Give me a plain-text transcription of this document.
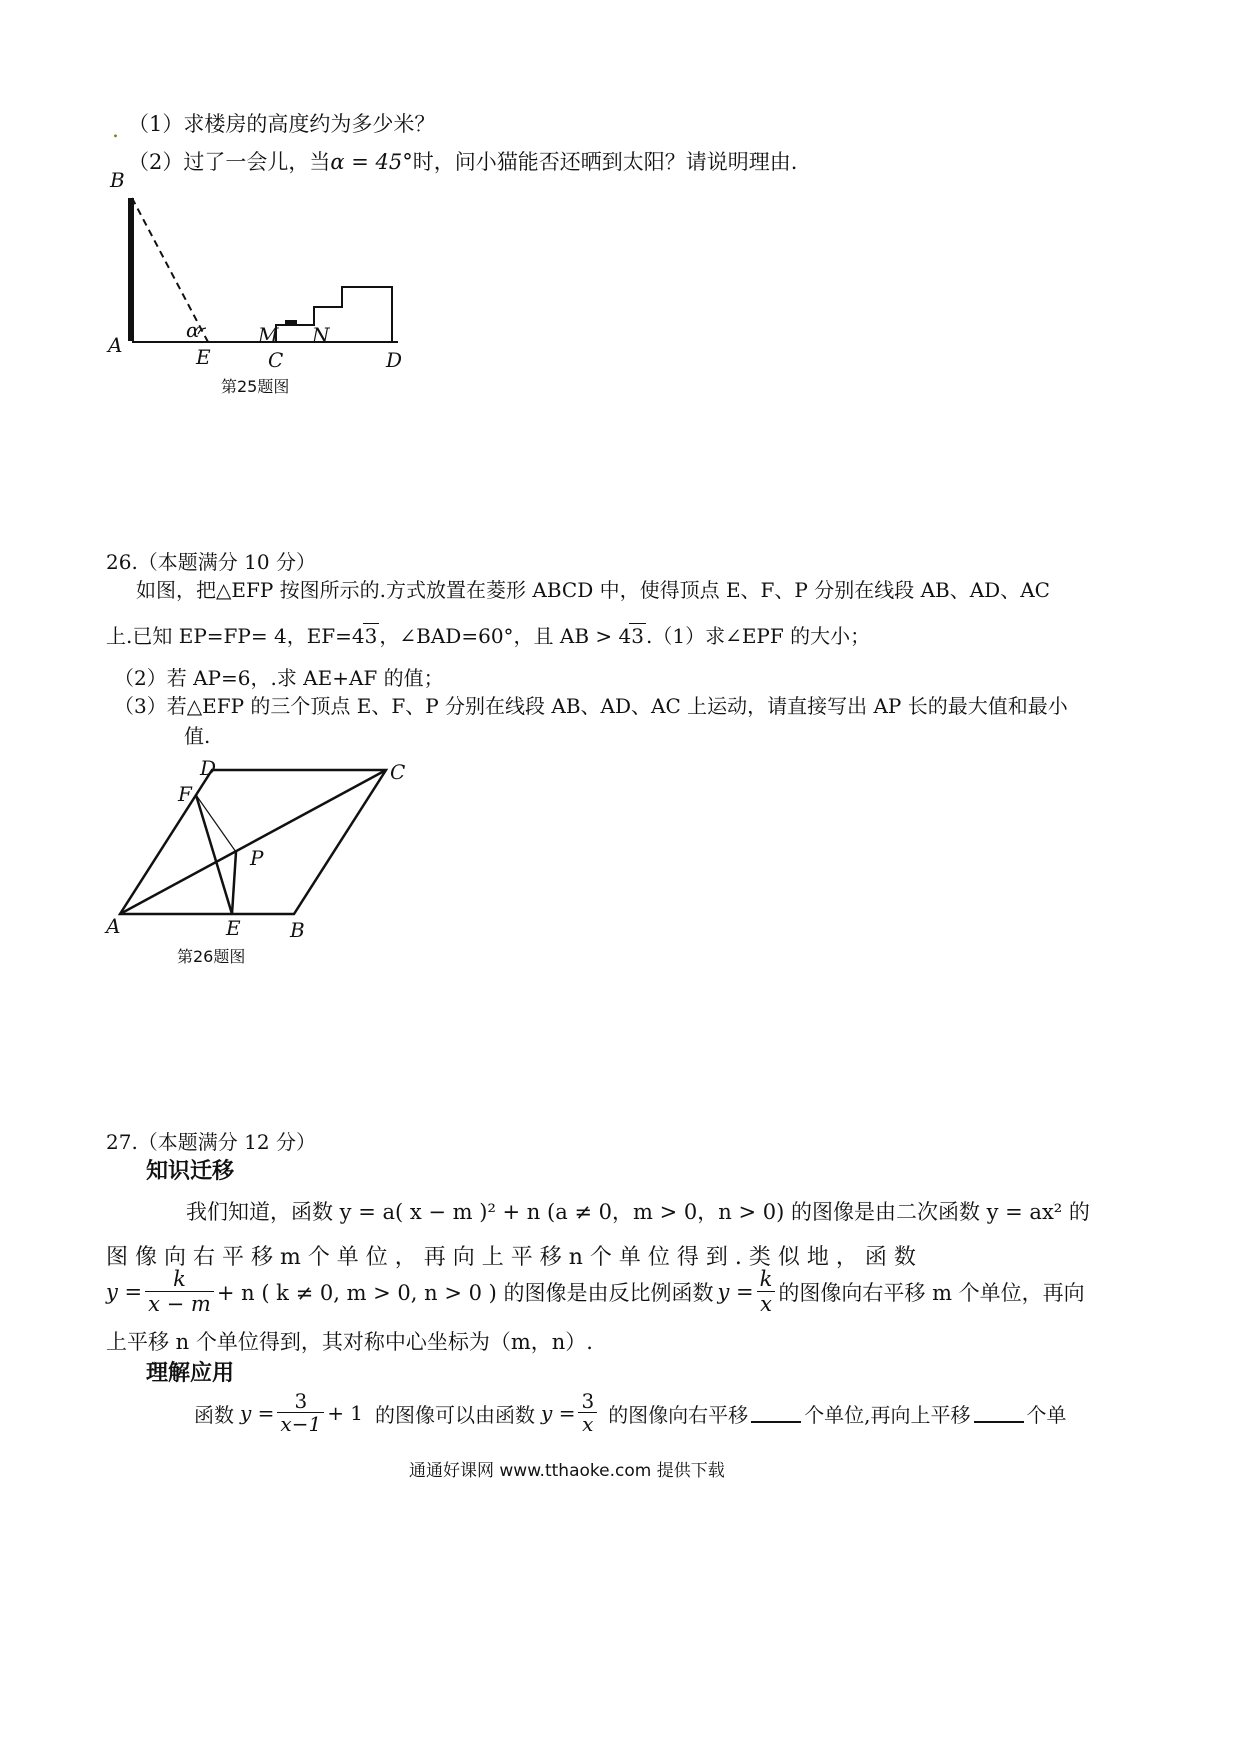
. （1）求楼房的高度约为多少米？
（2）过了一会儿，当α = 45°时，问小猫能否还晒到太阳？请说明理由.
B
A	E
α	M N
C	D
第25题图
26.（本题满分 10 分）
如图，把△EFP 按图所示的.方式放置在菱形 ABCD 中，使得顶点 E、F、P 分别在线段 AB、AD、AC
上.已知 EP=FP= 4，EF=43 ，∠BAD=60°，且 AB > 43 .（1）求∠EPF 的大小；
（2）若 AP=6，.求 AE+AF 的值；
（3）若△EFP 的三个顶点 E、F、P 分别在线段 AB、AD、AC 上运动，请直接写出 AP 长的最大值和最小
值.
D	C
F
P
A	E B
第26题图
27.（本题满分 12 分）
知识迁移
我们知道，函数 y = a( x − m )² + n (a ≠ 0，m > 0，n > 0) 的图像是由二次函数 y = ax² 的
图 像 向 右 平 移 m 个 单 位 ， 再 向 上 平 移 n 个 单 位 得 到 . 类 似 地 ， 函 数
$y = \frac{k}{x - m} + n$ ( k ≠ 0, m > 0, n > 0 ) 的图像是由反比例函数 $y = \frac{k}{x}$ 的图像向右平移 m 个单位，再向
上平移 n 个单位得到，其对称中心坐标为（m，n）.
理解应用
函数 $y = \frac{3}{x-1} + 1$ 的图像可以由函数 $y = \frac{3}{x}$ 的图像向右平移	个单位,再向上平移	个单
通通好课网 www.tthaoke.com 提供下载
